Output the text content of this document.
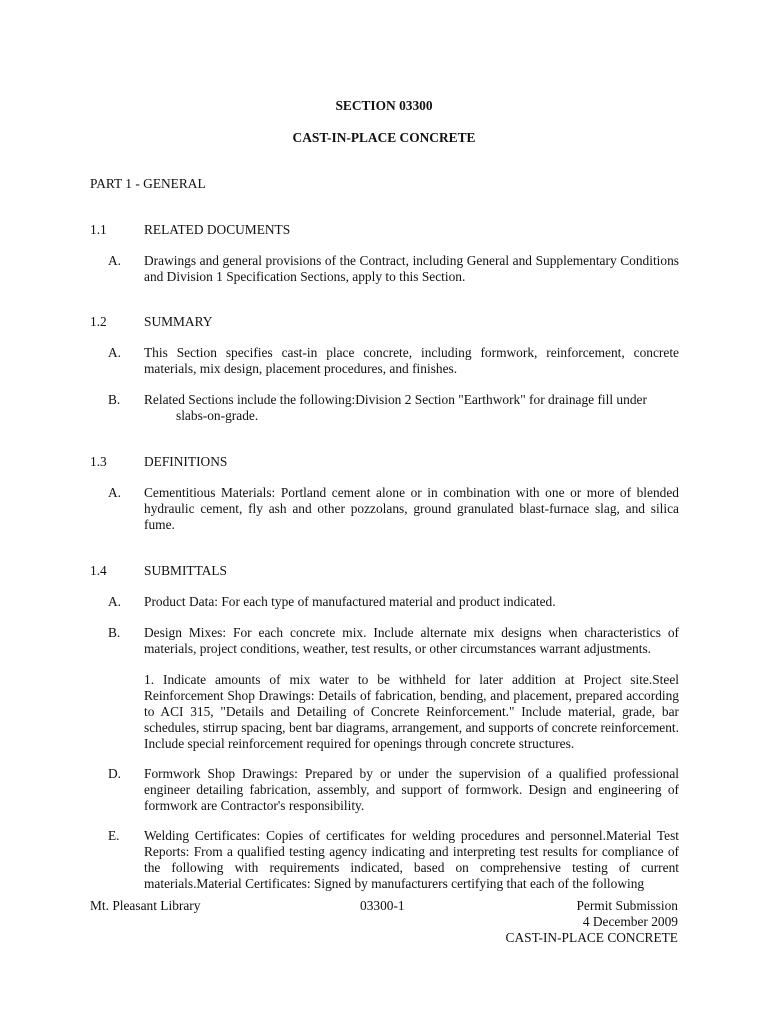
SECTION 03300

CAST-IN-PLACE CONCRETE

PART 1 - GENERAL

1.1	RELATED DOCUMENTS

A. Drawings and general provisions of the Contract, including General and Supplementary Conditions and Division 1 Specification Sections, apply to this Section.

1.2	SUMMARY

A. This Section specifies cast-in place concrete, including formwork, reinforcement, concrete materials, mix design, placement procedures, and finishes.

B. Related Sections include the following:Division 2 Section "Earthwork" for drainage fill under
slabs-on-grade.

1.3	DEFINITIONS

A. Cementitious Materials: Portland cement alone or in combination with one or more of blended hydraulic cement, fly ash and other pozzolans, ground granulated blast-furnace slag, and silica fume.

1.4	SUBMITTALS

A. Product Data: For each type of manufactured material and product indicated.

B. Design Mixes: For each concrete mix. Include alternate mix designs when characteristics of materials, project conditions, weather, test results, or other circumstances warrant adjustments.

1. Indicate amounts of mix water to be withheld for later addition at Project site.Steel Reinforcement Shop Drawings: Details of fabrication, bending, and placement, prepared according to ACI 315, "Details and Detailing of Concrete Reinforcement." Include material, grade, bar schedules, stirrup spacing, bent bar diagrams, arrangement, and supports of concrete reinforcement. Include special reinforcement required for openings through concrete structures.

D. Formwork Shop Drawings: Prepared by or under the supervision of a qualified professional engineer detailing fabrication, assembly, and support of formwork. Design and engineering of formwork are Contractor's responsibility.

E. Welding Certificates: Copies of certificates for welding procedures and personnel.Material Test Reports: From a qualified testing agency indicating and interpreting test results for compliance of the following with requirements indicated, based on comprehensive testing of current materials.Material Certificates: Signed by manufacturers certifying that each of the following

Mt. Pleasant Library	03300-1	Permit Submission
4 December 2009
CAST-IN-PLACE CONCRETE
